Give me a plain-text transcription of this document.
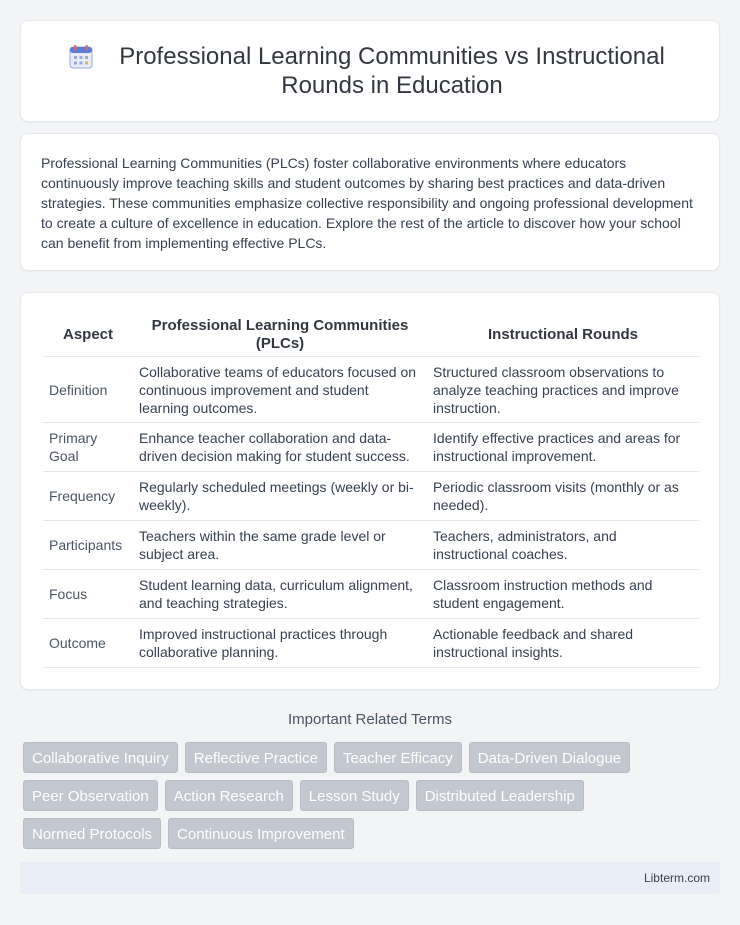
Professional Learning Communities vs Instructional Rounds in Education

Professional Learning Communities (PLCs) foster collaborative environments where educators continuously improve teaching skills and student outcomes by sharing best practices and data-driven strategies. These communities emphasize collective responsibility and ongoing professional development to create a culture of excellence in education. Explore the rest of the article to discover how your school can benefit from implementing effective PLCs.

Aspect	Professional Learning Communities (PLCs)	Instructional Rounds
Definition	Collaborative teams of educators focused on continuous improvement and student learning outcomes.	Structured classroom observations to analyze teaching practices and improve instruction.
Primary Goal	Enhance teacher collaboration and data-driven decision making for student success.	Identify effective practices and areas for instructional improvement.
Frequency	Regularly scheduled meetings (weekly or bi-weekly).	Periodic classroom visits (monthly or as needed).
Participants	Teachers within the same grade level or subject area.	Teachers, administrators, and instructional coaches.
Focus	Student learning data, curriculum alignment, and teaching strategies.	Classroom instruction methods and student engagement.
Outcome	Improved instructional practices through collaborative planning.	Actionable feedback and shared instructional insights.
Important Related Terms
Collaborative Inquiry	Reflective Practice	Teacher Efficacy	Data-Driven Dialogue
Peer Observation	Action Research	Lesson Study	Distributed Leadership
Normed Protocols	Continuous Improvement
Libterm.com
